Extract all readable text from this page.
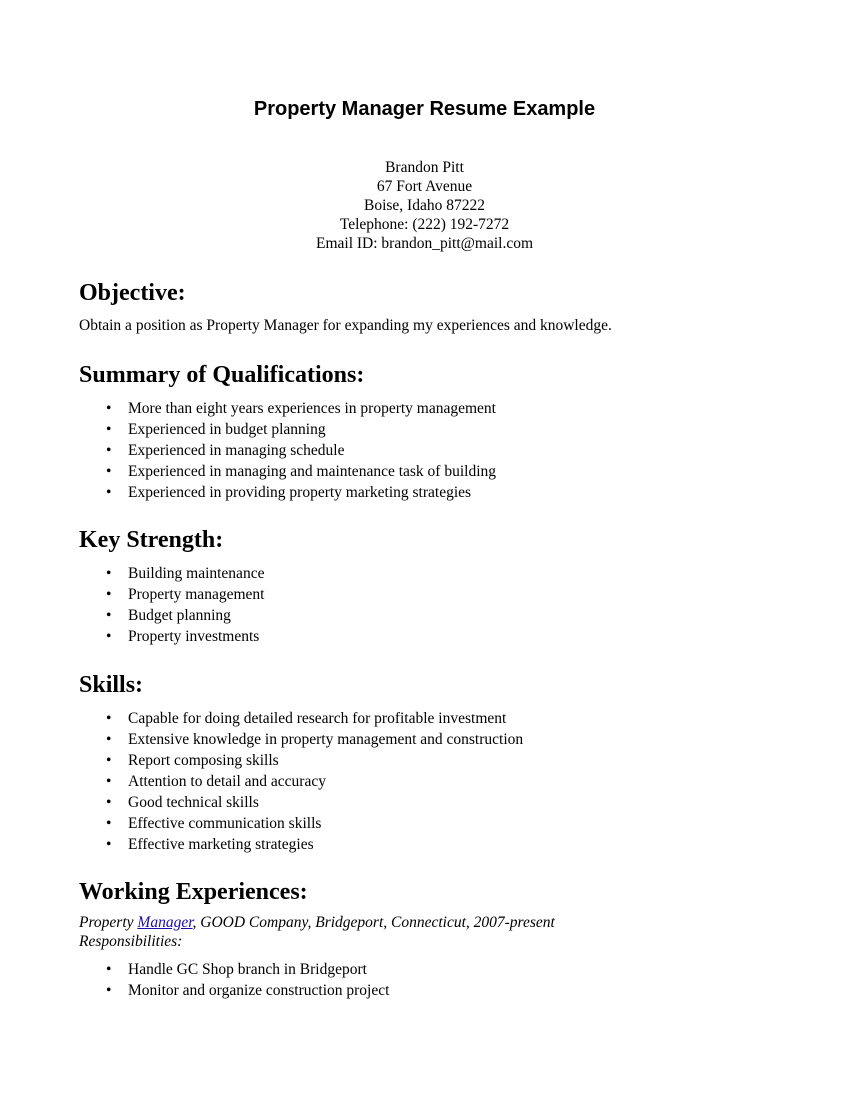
Property Manager Resume Example
Brandon Pitt
67 Fort Avenue
Boise, Idaho 87222
Telephone: (222) 192-7272
Email ID: brandon_pitt@mail.com
Objective:

Obtain a position as Property Manager for expanding my experiences and knowledge.

Summary of Qualifications:
• More than eight years experiences in property management
• Experienced in budget planning
• Experienced in managing schedule
• Experienced in managing and maintenance task of building
• Experienced in providing property marketing strategies
Key Strength:
• Building maintenance
• Property management
• Budget planning
• Property investments
Skills:
• Capable for doing detailed research for profitable investment
• Extensive knowledge in property management and construction
• Report composing skills
• Attention to detail and accuracy
• Good technical skills
• Effective communication skills
• Effective marketing strategies
Working Experiences:

Property Manager, GOOD Company, Bridgeport, Connecticut, 2007-present

Responsibilities:

• Handle GC Shop branch in Bridgeport
• Monitor and organize construction project
